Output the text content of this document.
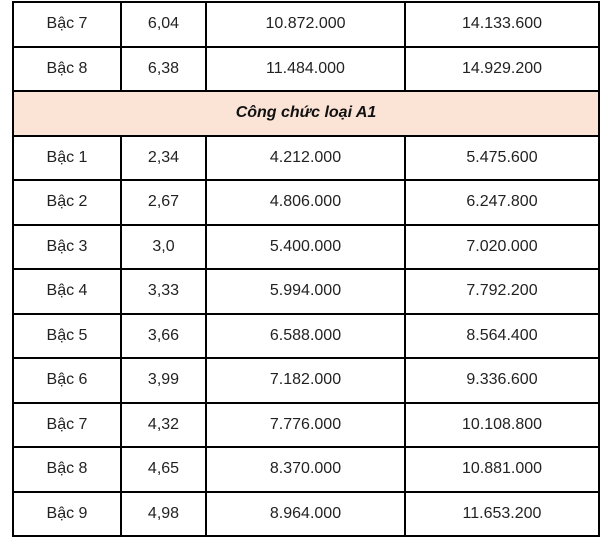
Bậc 7	6,04	10.872.000	14.133.600
Bậc 8	6,38	11.484.000	14.929.200
Công chức loại A1			
Bậc 1	2,34	4.212.000	5.475.600
Bậc 2	2,67	4.806.000	6.247.800
Bậc 3	3,0	5.400.000	7.020.000
Bậc 4	3,33	5.994.000	7.792.200
Bậc 5	3,66	6.588.000	8.564.400
Bậc 6	3,99	7.182.000	9.336.600
Bậc 7	4,32	7.776.000	10.108.800
Bậc 8	4,65	8.370.000	10.881.000
Bậc 9	4,98	8.964.000	11.653.200
